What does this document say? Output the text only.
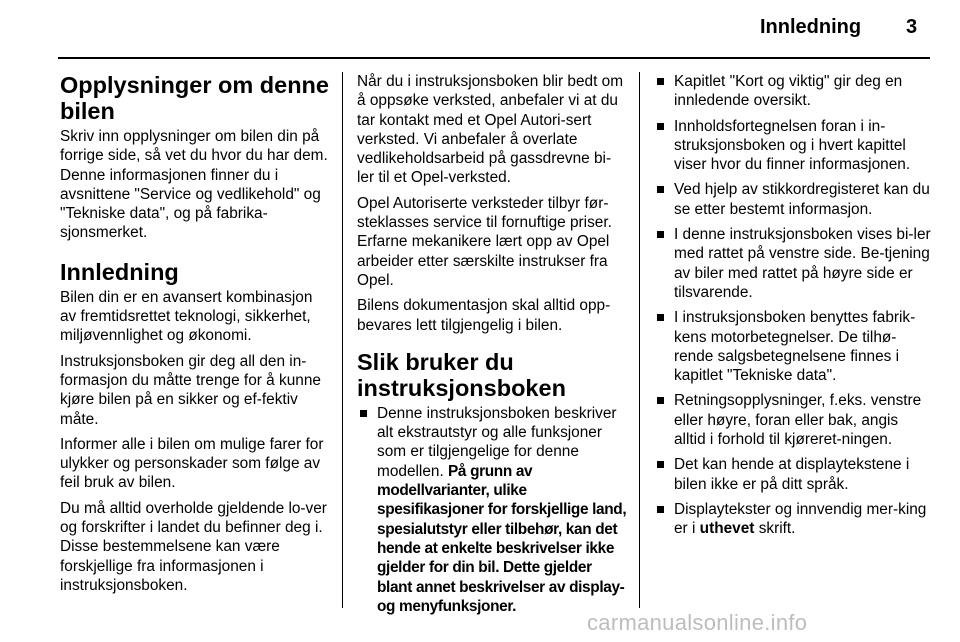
Innledning 3
Opplysninger om denne bilen

Skriv inn opplysninger om bilen din på forrige side, så vet du hvor du har dem. Denne informasjonen finner du i avsnittene "Service og vedlikehold" og "Tekniske data", og på fabrika-sjonsmerket.

Innledning

Bilen din er en avansert kombinasjon av fremtidsrettet teknologi, sikkerhet, miljøvennlighet og økonomi.

Instruksjonsboken gir deg all den in-formasjon du måtte trenge for å kunne kjøre bilen på en sikker og ef-fektiv måte.

Informer alle i bilen om mulige farer for ulykker og personskader som følge av feil bruk av bilen.

Du må alltid overholde gjeldende lo-ver og forskrifter i landet du befinner deg i. Disse bestemmelsene kan være forskjellige fra informasjonen i instruksjonsboken.

Når du i instruksjonsboken blir bedt om å oppsøke verksted, anbefaler vi at du tar kontakt med et Opel Autori-sert verksted. Vi anbefaler å overlate vedlikeholdsarbeid på gassdrevne bi-ler til et Opel-verksted.

Opel Autoriserte verksteder tilbyr før-steklasses service til fornuftige priser. Erfarne mekanikere lært opp av Opel arbeider etter særskilte instrukser fra Opel.

Bilens dokumentasjon skal alltid opp-bevares lett tilgjengelig i bilen.

Slik bruker du instruksjonsboken
Denne instruksjonsboken beskriver alt ekstrautstyr og alle funksjoner som er tilgjengelige for denne modellen. På grunn av modellvarianter, ulike spesifikasjoner for forskjellige land, spesialutstyr eller tilbehør, kan det hende at enkelte beskrivelser ikke gjelder for din bil. Dette gjelder blant annet beskrivelser av display- og menyfunksjoner.
Kapitlet "Kort og viktig" gir deg en innledende oversikt.
Innholdsfortegnelsen foran i in-struksjonsboken og i hvert kapittel viser hvor du finner informasjonen.
Ved hjelp av stikkordregisteret kan du se etter bestemt informasjon.
I denne instruksjonsboken vises bi-ler med rattet på venstre side. Be-tjening av biler med rattet på høyre side er tilsvarende.
I instruksjonsboken benyttes fabrik-kens motorbetegnelser. De tilhø-rende salgsbetegnelsene finnes i kapitlet "Tekniske data".
Retningsopplysninger, f.eks. venstre eller høyre, foran eller bak, angis alltid i forhold til kjøreret-ningen.
Det kan hende at displaytekstene i bilen ikke er på ditt språk.
Displaytekster og innvendig mer-king er i uthevet skrift.
carmanualsonline.info
